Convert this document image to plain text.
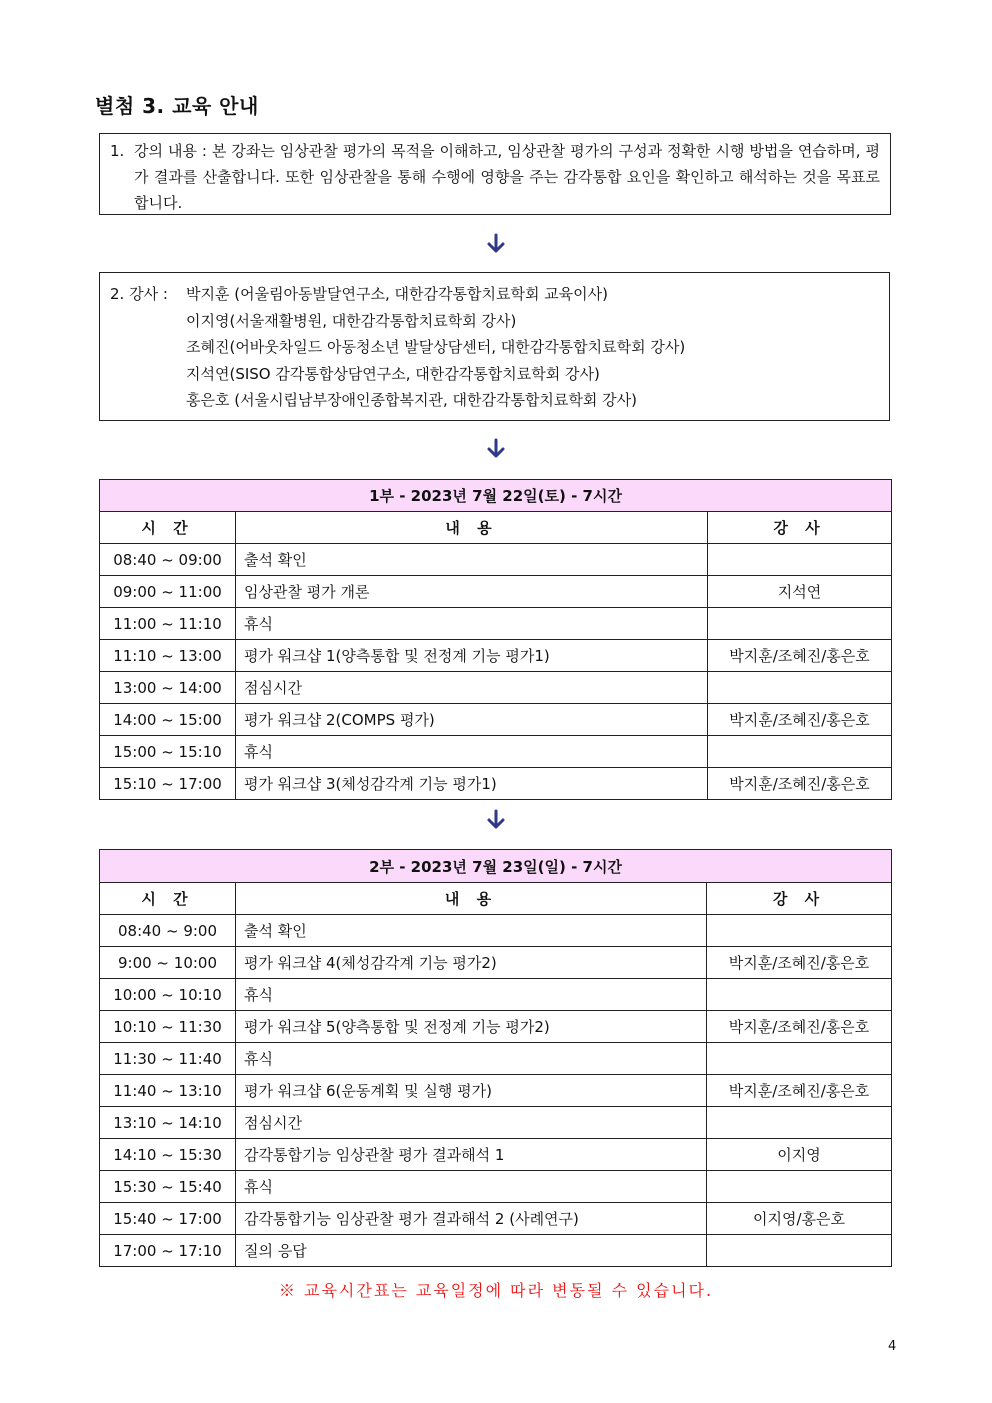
별첨 3. 교육 안내
1. 강의 내용 : 본 강좌는 임상관찰 평가의 목적을 이해하고, 임상관찰 평가의 구성과 정확한 시행 방법을 연습하며, 평가 결과를 산출합니다. 또한 임상관찰을 통해 수행에 영향을 주는 감각통합 요인을 확인하고 해석하는 것을 목표로 합니다.
2. 강사 :	박지훈 (어울림아동발달연구소, 대한감각통합치료학회 교육이사)
이지영(서울재활병원, 대한감각통합치료학회 강사)
조혜진(어바웃차일드 아동청소년 발달상담센터, 대한감각통합치료학회 강사)
지석연(SISO 감각통합상담연구소, 대한감각통합치료학회 강사)
홍은호 (서울시립남부장애인종합복지관, 대한감각통합치료학회 강사)
1부 - 2023년 7월 22일(토) - 7시간		
시 간	내 용	강 사
08:40 ~ 09:00	출석 확인	
09:00 ~ 11:00	임상관찰 평가 개론	지석연
11:00 ~ 11:10	휴식	
11:10 ~ 13:00	평가 워크샵 1(양측통합 및 전정계 기능 평가1)	박지훈/조혜진/홍은호
13:00 ~ 14:00	점심시간	
14:00 ~ 15:00	평가 워크샵 2(COMPS 평가)	박지훈/조혜진/홍은호
15:00 ~ 15:10	휴식	
15:10 ~ 17:00	평가 워크샵 3(체성감각계 기능 평가1)	박지훈/조혜진/홍은호
2부 - 2023년 7월 23일(일) - 7시간		
시 간	내 용	강 사
08:40 ~ 9:00	출석 확인	
9:00 ~ 10:00	평가 워크샵 4(체성감각계 기능 평가2)	박지훈/조혜진/홍은호
10:00 ~ 10:10	휴식	
10:10 ~ 11:30	평가 워크샵 5(양측통합 및 전정계 기능 평가2)	박지훈/조혜진/홍은호
11:30 ~ 11:40	휴식	
11:40 ~ 13:10	평가 워크샵 6(운동계획 및 실행 평가)	박지훈/조혜진/홍은호
13:10 ~ 14:10	점심시간	
14:10 ~ 15:30	감각통합기능 임상관찰 평가 결과해석 1	이지영
15:30 ~ 15:40	휴식	
15:40 ~ 17:00	감각통합기능 임상관찰 평가 결과해석 2 (사례연구)	이지영/홍은호
17:00 ~ 17:10	질의 응답	
※ 교육시간표는 교육일정에 따라 변동될 수 있습니다.
4
